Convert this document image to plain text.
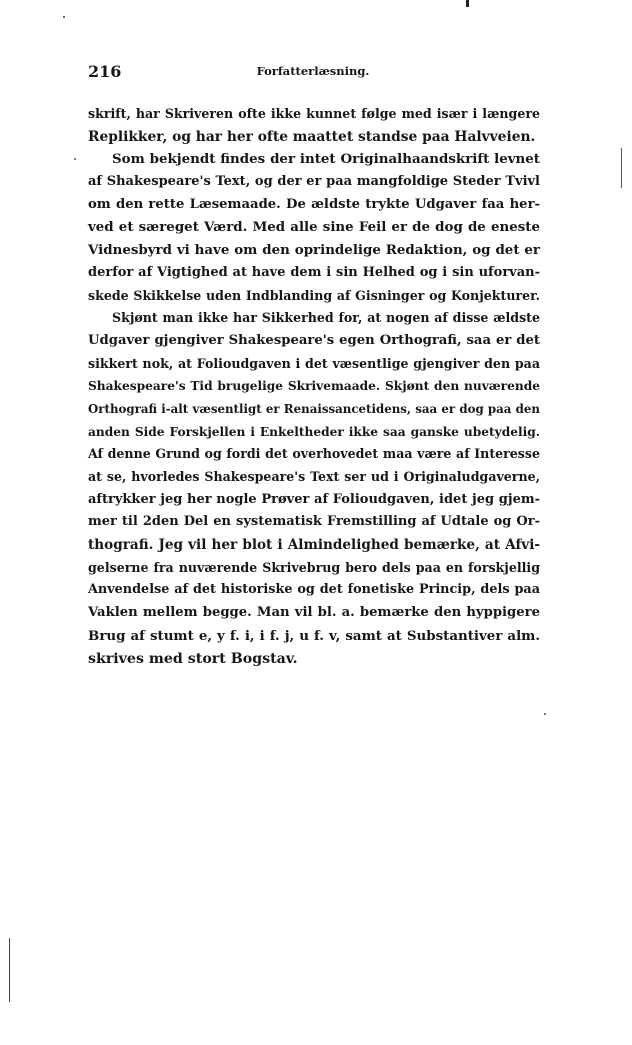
216	Forfatterlæsning.
skrift, har Skriveren ofte ikke kunnet følge med især i længere
Replikker, og har her ofte maattet standse paa Halvveien.
Som bekjendt findes der intet Originalhaandskrift levnet
af Shakespeare's Text, og der er paa mangfoldige Steder Tvivl
om den rette Læsemaade. De ældste trykte Udgaver faa her-
ved et særeget Værd. Med alle sine Feil er de dog de eneste
Vidnesbyrd vi have om den oprindelige Redaktion, og det er
derfor af Vigtighed at have dem i sin Helhed og i sin uforvan-
skede Skikkelse uden Indblanding af Gisninger og Konjekturer.
Skjønt man ikke har Sikkerhed for, at nogen af disse ældste
Udgaver gjengiver Shakespeare's egen Orthografi, saa er det
sikkert nok, at Folioudgaven i det væsentlige gjengiver den paa
Shakespeare's Tid brugelige Skrivemaade. Skjønt den nuværende
Orthografi i-alt væsentligt er Renaissancetidens, saa er dog paa den
anden Side Forskjellen i Enkeltheder ikke saa ganske ubetydelig.
Af denne Grund og fordi det overhovedet maa være af Interesse
at se, hvorledes Shakespeare's Text ser ud i Originaludgaverne,
aftrykker jeg her nogle Prøver af Folioudgaven, idet jeg gjem-
mer til 2den Del en systematisk Fremstilling af Udtale og Or-
thografi. Jeg vil her blot i Almindelighed bemærke, at Afvi-
gelserne fra nuværende Skrivebrug bero dels paa en forskjellig
Anvendelse af det historiske og det fonetiske Princip, dels paa
Vaklen mellem begge. Man vil bl. a. bemærke den hyppigere
Brug af stumt e, y f. i, i f. j, u f. v, samt at Substantiver alm.
skrives med stort Bogstav.
